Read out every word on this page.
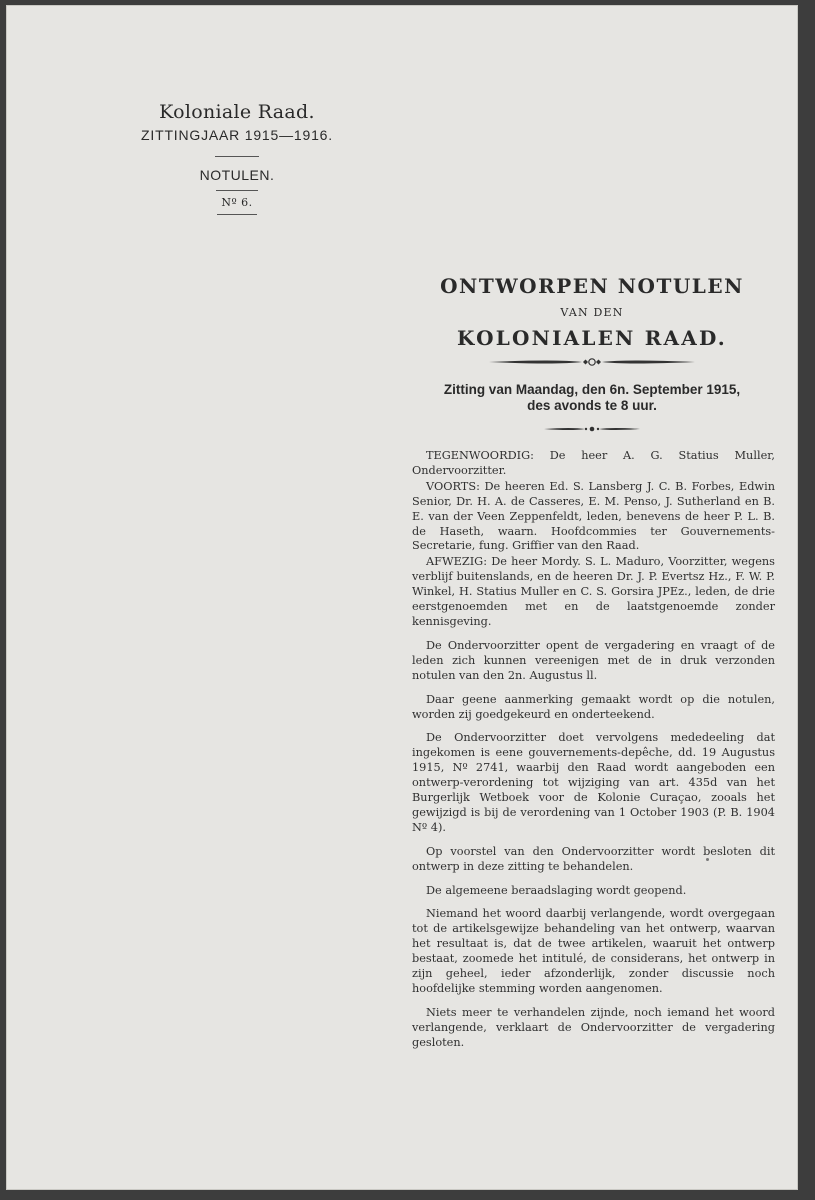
Koloniale Raad.
ZITTINGJAAR 1915—1916.
NOTULEN.
Nº 6.
ONTWORPEN NOTULEN
VAN DEN
KOLONIALEN RAAD.
Zitting van Maandag, den 6n. September 1915,
des avonds te 8 uur.

TEGENWOORDIG: De heer A. G. Statius Muller, Ondervoorzitter.

VOORTS: De heeren Ed. S. Lansberg J. C. B. Forbes, Edwin Senior, Dr. H. A. de Casseres, E. M. Penso, J. Sutherland en B. E. van der Veen Zeppenfeldt, leden, benevens de heer P. L. B. de Haseth, waarn. Hoofdcommies ter Gouvernements-Secretarie, fung. Griffier van den Raad.

AFWEZIG: De heer Mordy. S. L. Maduro, Voorzitter, wegens verblijf buitenslands, en de heeren Dr. J. P. Evertsz Hz., F. W. P. Winkel, H. Statius Muller en C. S. Gorsira JPEz., leden, de drie eerstgenoemden met en de laatstgenoemde zonder kennisgeving.

De Ondervoorzitter opent de vergadering en vraagt of de leden zich kunnen vereenigen met de in druk verzonden notulen van den 2n. Augustus ll.

Daar geene aanmerking gemaakt wordt op die notulen, worden zij goedgekeurd en onderteekend.

De Ondervoorzitter doet vervolgens mededeeling dat ingekomen is eene gouvernements-depêche, dd. 19 Augustus 1915, Nº 2741, waarbij den Raad wordt aangeboden een ontwerp-verordening tot wijziging van art. 435d van het Burgerlijk Wetboek voor de Kolonie Curaçao, zooals het gewijzigd is bij de verordening van 1 October 1903 (P. B. 1904 Nº 4).

Op voorstel van den Ondervoorzitter wordt besloten dit ontwerp in deze zitting te behandelen.

De algemeene beraadslaging wordt geopend.

Niemand het woord daarbij verlangende, wordt overgegaan tot de artikelsgewijze behandeling van het ontwerp, waarvan het resultaat is, dat de twee artikelen, waaruit het ontwerp bestaat, zoomede het intitulé, de considerans, het ontwerp in zijn geheel, ieder afzonderlijk, zonder discussie noch hoofdelijke stemming worden aangenomen.

Niets meer te verhandelen zijnde, noch iemand het woord verlangende, verklaart de Ondervoorzitter de vergadering gesloten.
